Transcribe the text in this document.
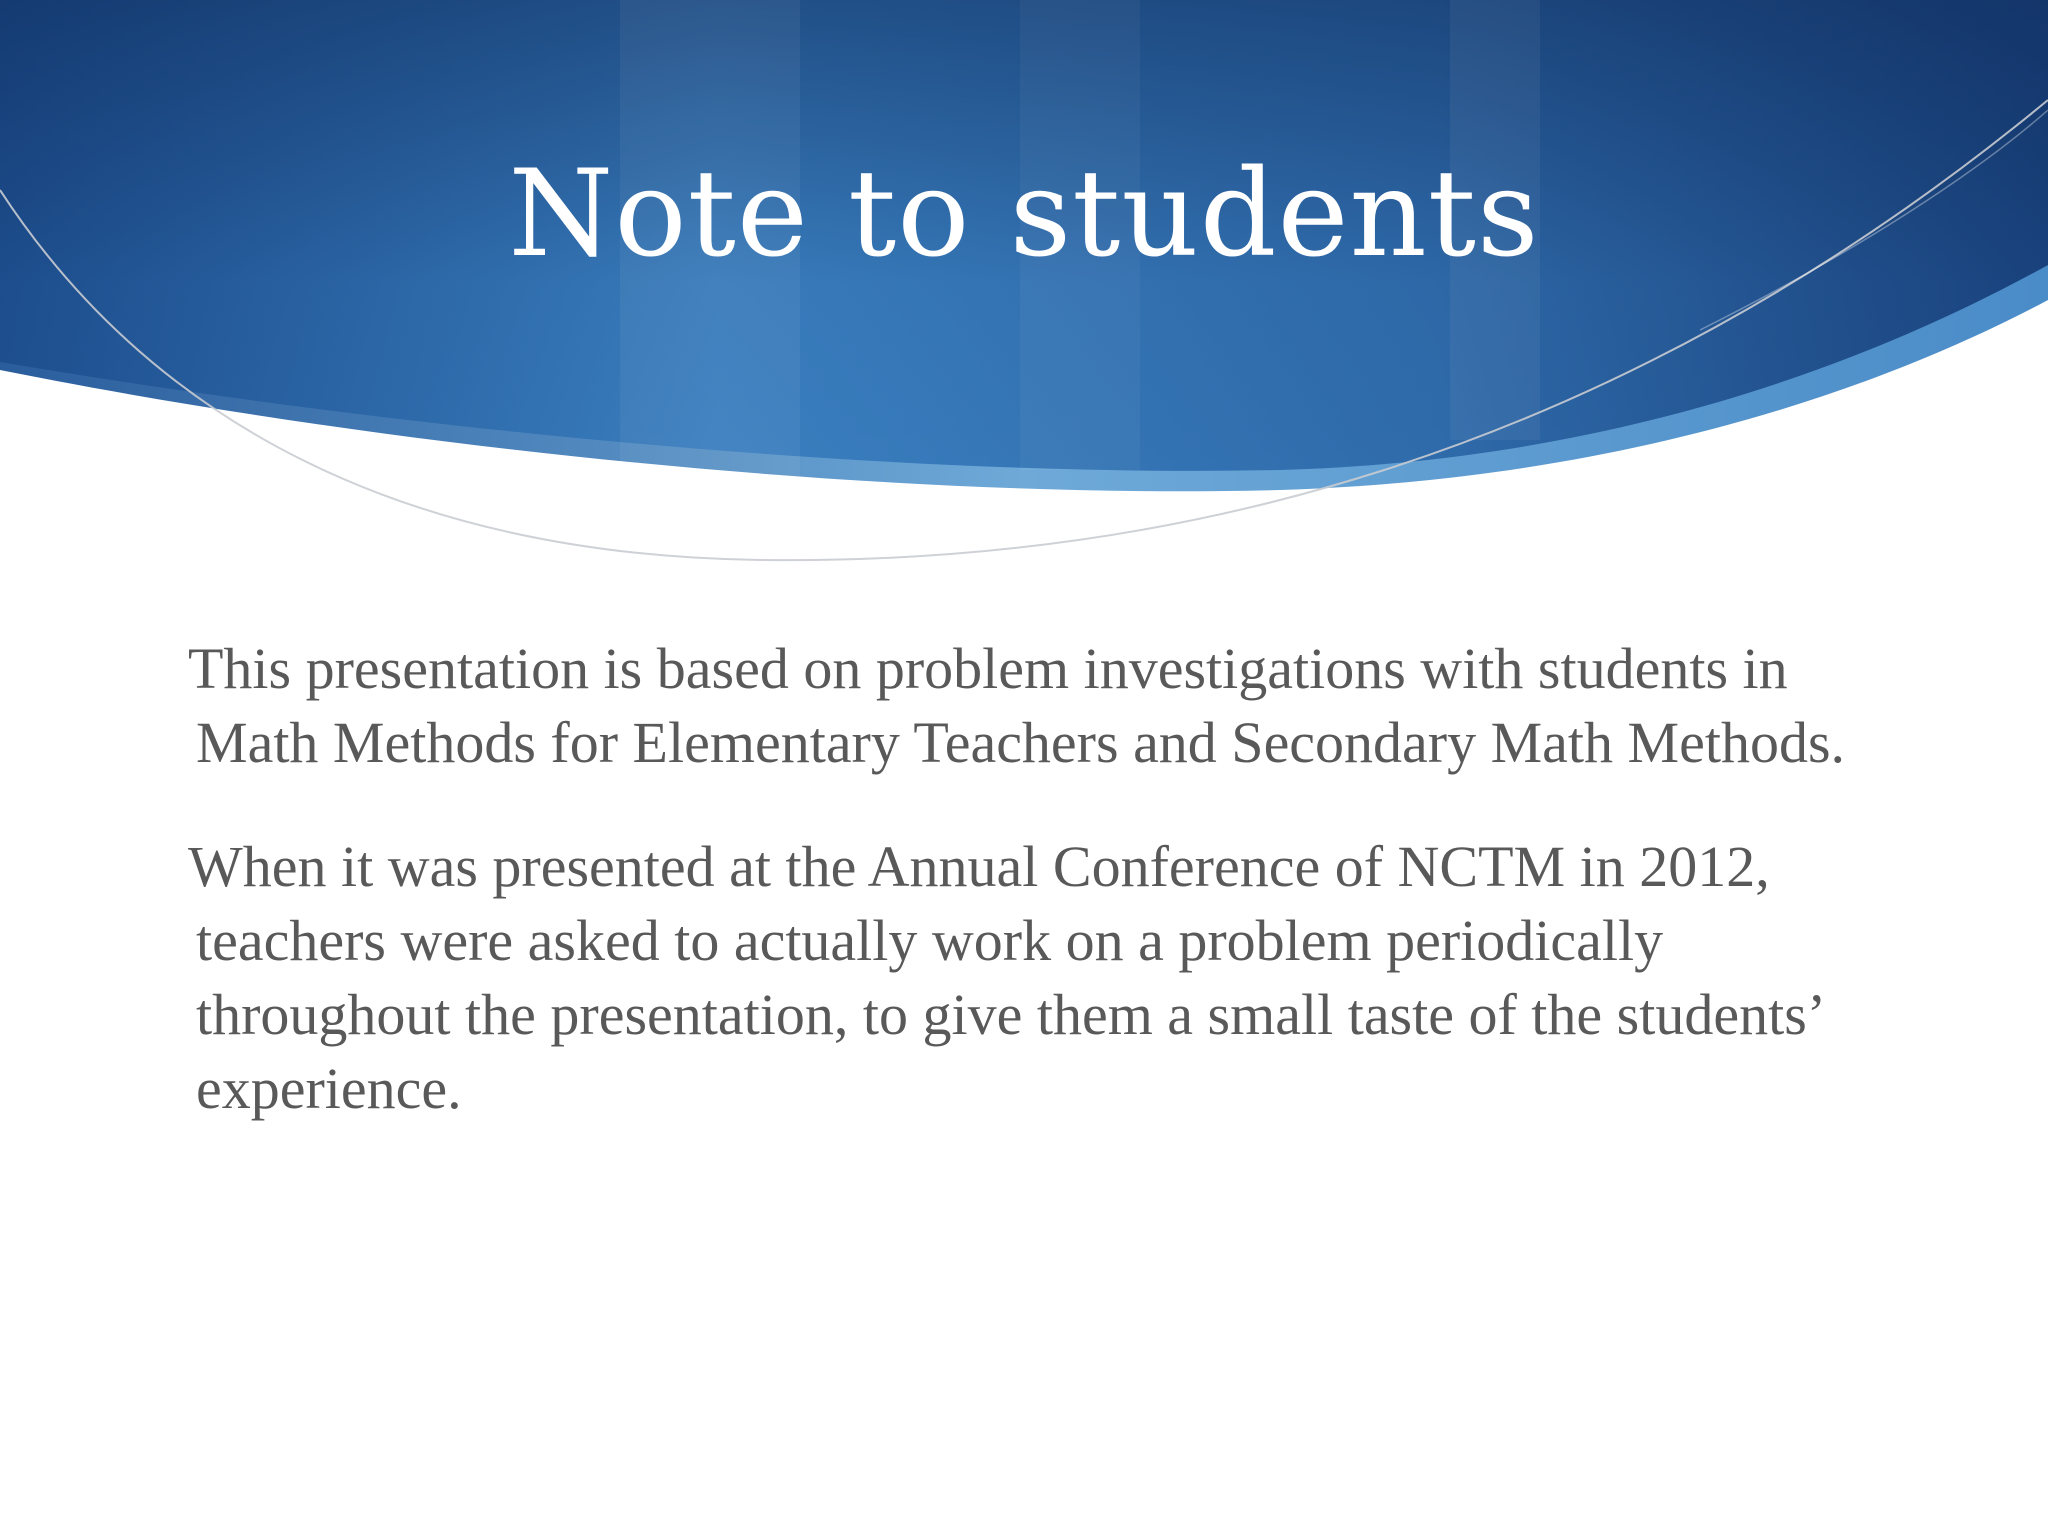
Note to students

This presentation is based on problem investigations with students in Math Methods for Elementary Teachers and Secondary Math Methods.

When it was presented at the Annual Conference of NCTM in 2012, teachers were asked to actually work on a problem periodically throughout the presentation, to give them a small taste of the students’ experience.
